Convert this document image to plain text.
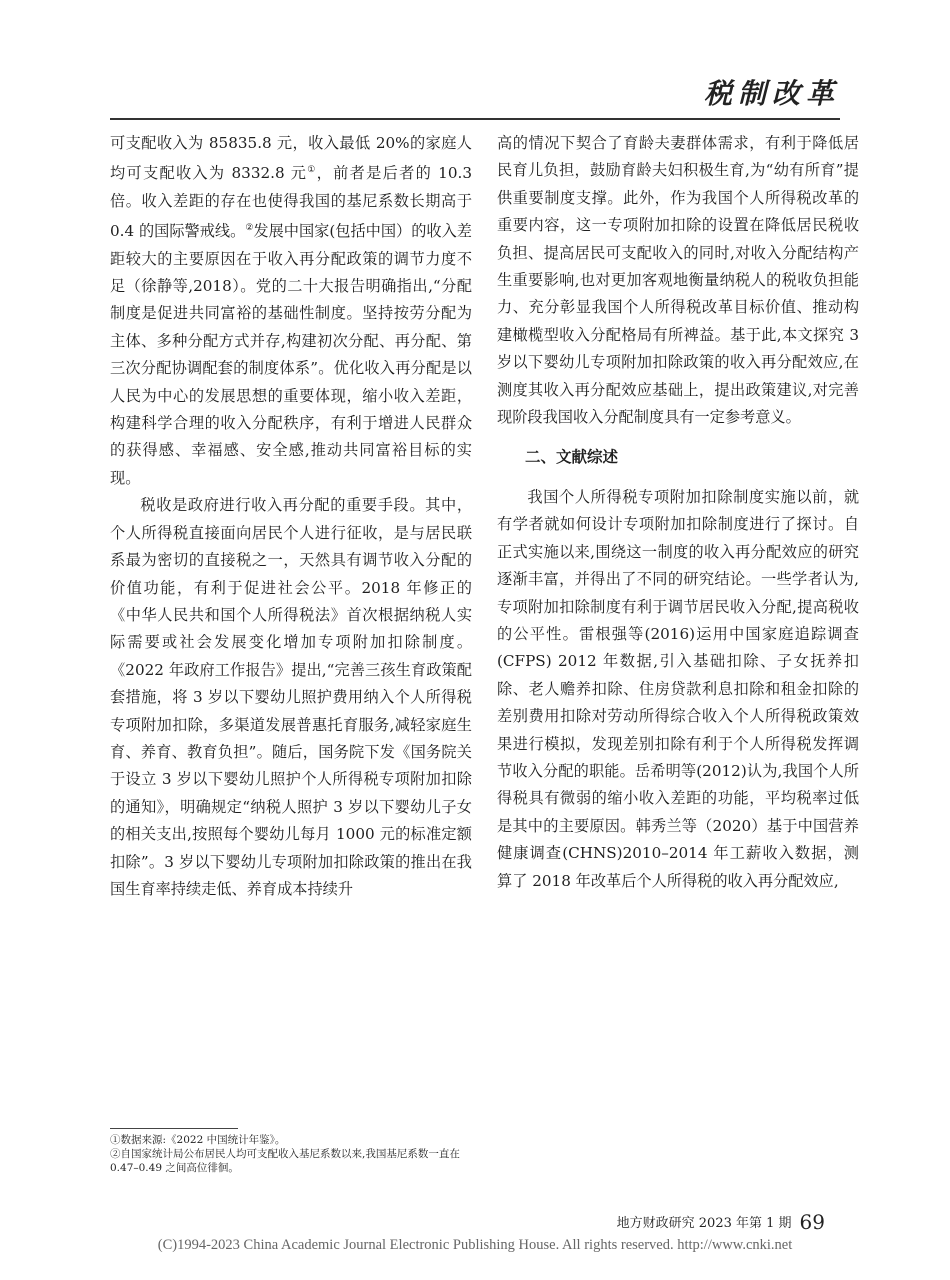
税制改革

可支配收入为 85835.8 元，收入最低 20%的家庭人均可支配收入为 8332.8 元①，前者是后者的 10.3 倍。收入差距的存在也使得我国的基尼系数长期高于 0.4 的国际警戒线。②发展中国家(包括中国）的收入差距较大的主要原因在于收入再分配政策的调节力度不足（徐静等,2018）。党的二十大报告明确指出,“分配制度是促进共同富裕的基础性制度。坚持按劳分配为主体、多种分配方式并存,构建初次分配、再分配、第三次分配协调配套的制度体系”。优化收入再分配是以人民为中心的发展思想的重要体现，缩小收入差距，构建科学合理的收入分配秩序，有利于增进人民群众的获得感、幸福感、安全感,推动共同富裕目标的实现。

税收是政府进行收入再分配的重要手段。其中，个人所得税直接面向居民个人进行征收，是与居民联系最为密切的直接税之一，天然具有调节收入分配的价值功能，有利于促进社会公平。2018 年修正的《中华人民共和国个人所得税法》首次根据纳税人实际需要或社会发展变化增加专项附加扣除制度。《2022 年政府工作报告》提出,“完善三孩生育政策配套措施，将 3 岁以下婴幼儿照护费用纳入个人所得税专项附加扣除，多渠道发展普惠托育服务,减轻家庭生育、养育、教育负担”。随后，国务院下发《国务院关于设立 3 岁以下婴幼儿照护个人所得税专项附加扣除的通知》，明确规定“纳税人照护 3 岁以下婴幼儿子女的相关支出,按照每个婴幼儿每月 1000 元的标准定额扣除”。3 岁以下婴幼儿专项附加扣除政策的推出在我国生育率持续走低、养育成本持续升

高的情况下契合了育龄夫妻群体需求，有利于降低居民育儿负担，鼓励育龄夫妇积极生育,为“幼有所育”提供重要制度支撑。此外，作为我国个人所得税改革的重要内容，这一专项附加扣除的设置在降低居民税收负担、提高居民可支配收入的同时,对收入分配结构产生重要影响,也对更加客观地衡量纳税人的税收负担能力、充分彰显我国个人所得税改革目标价值、推动构建橄榄型收入分配格局有所裨益。基于此,本文探究 3 岁以下婴幼儿专项附加扣除政策的收入再分配效应,在测度其收入再分配效应基础上，提出政策建议,对完善现阶段我国收入分配制度具有一定参考意义。

二、文献综述

我国个人所得税专项附加扣除制度实施以前，就有学者就如何设计专项附加扣除制度进行了探讨。自正式实施以来,围绕这一制度的收入再分配效应的研究逐渐丰富，并得出了不同的研究结论。一些学者认为,专项附加扣除制度有利于调节居民收入分配,提高税收的公平性。雷根强等(2016)运用中国家庭追踪调查(CFPS) 2012 年数据,引入基础扣除、子女抚养扣除、老人赡养扣除、住房贷款利息扣除和租金扣除的差别费用扣除对劳动所得综合收入个人所得税政策效果进行模拟，发现差别扣除有利于个人所得税发挥调节收入分配的职能。岳希明等(2012)认为,我国个人所得税具有微弱的缩小收入差距的功能，平均税率过低是其中的主要原因。韩秀兰等（2020）基于中国营养健康调查(CHNS)2010–2014 年工薪收入数据，测算了 2018 年改革后个人所得税的收入再分配效应,

①数据来源:《2022 中国统计年鉴》。

②自国家统计局公布居民人均可支配收入基尼系数以来,我国基尼系数一直在 0.47–0.49 之间高位徘徊。

地方财政研究 2023 年第 1 期 69
(C)1994-2023 China Academic Journal Electronic Publishing House. All rights reserved. http://www.cnki.net
